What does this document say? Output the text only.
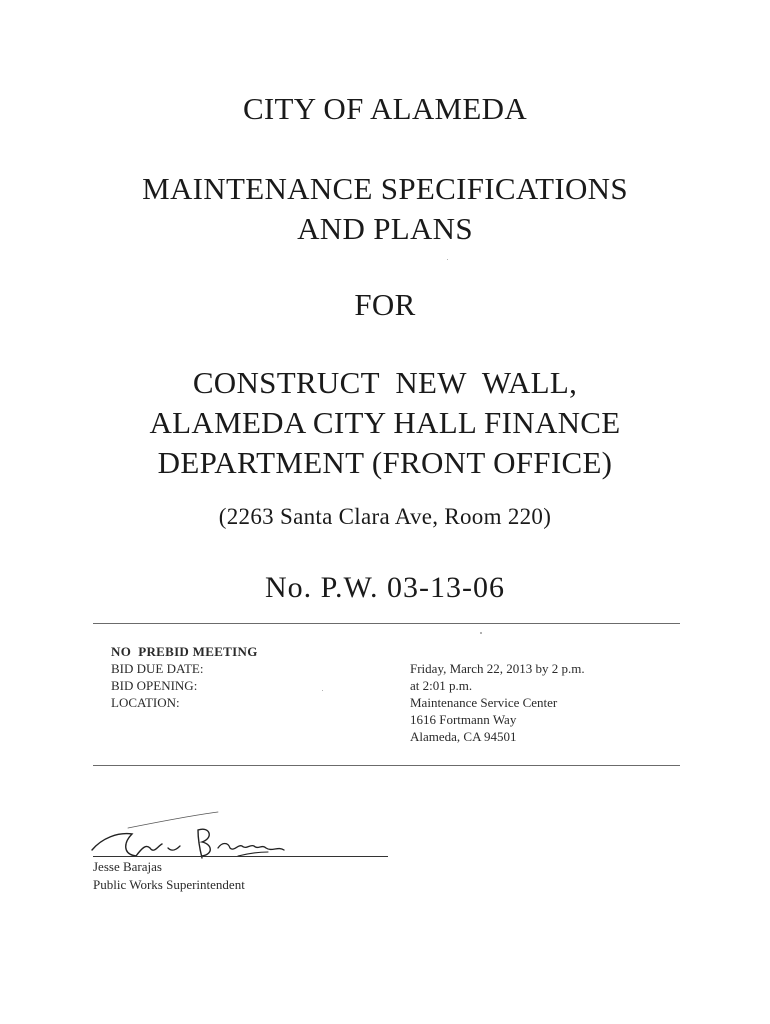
CITY OF ALAMEDA
MAINTENANCE SPECIFICATIONS
AND PLANS
FOR
CONSTRUCT  NEW  WALL,
ALAMEDA CITY HALL FINANCE
DEPARTMENT (FRONT OFFICE)
(2263 Santa Clara Ave, Room 220)
No. P.W. 03-13-06
NO  PREBID MEETING
BID DUE DATE:
BID OPENING:
LOCATION:
Friday, March 22, 2013 by 2 p.m.
at 2:01 p.m.
Maintenance Service Center
1616 Fortmann Way
Alameda, CA 94501
Jesse Barajas
Public Works Superintendent
